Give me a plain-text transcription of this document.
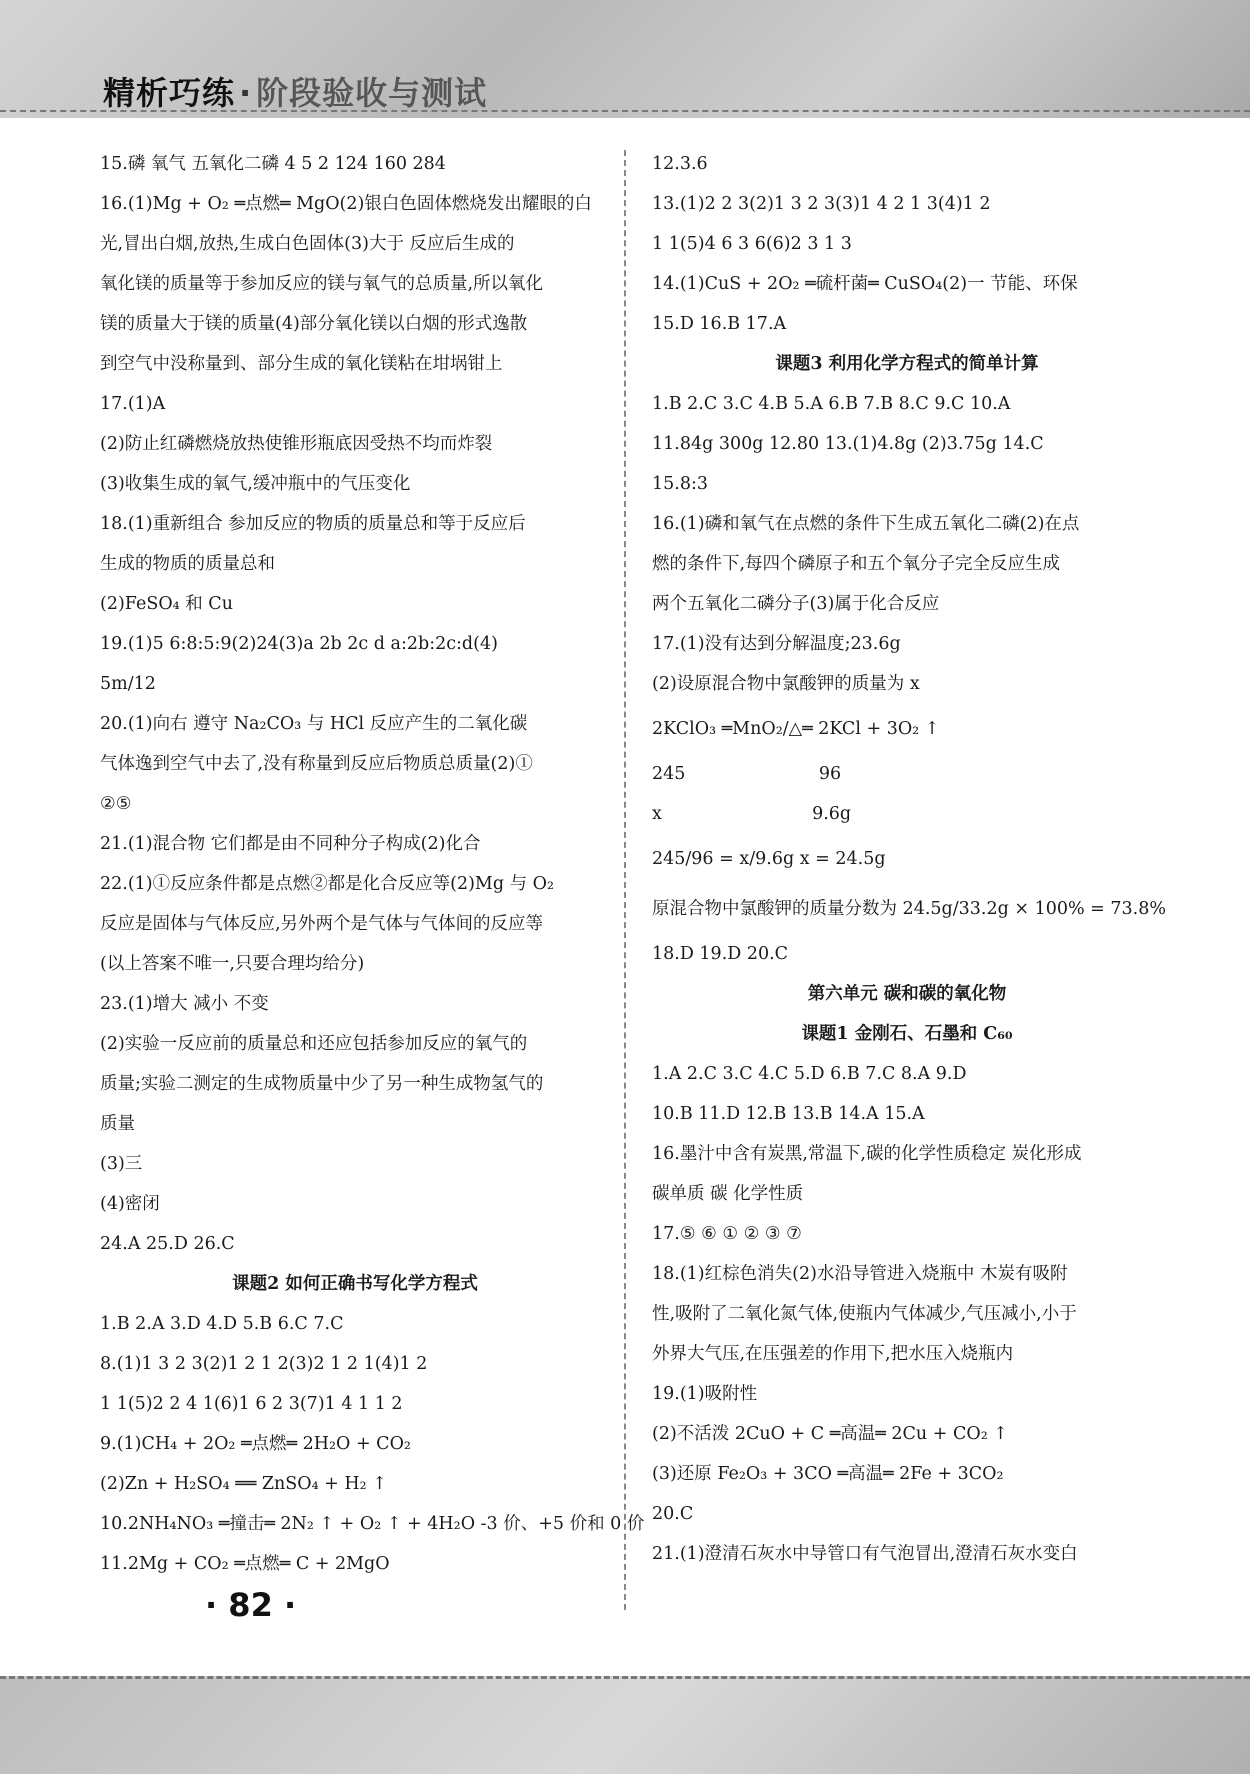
精析巧练 · 阶段验收与测试
15.磷 氧气 五氧化二磷 4 5 2 124 160 284
16.(1)Mg + O₂ ═点燃═ MgO(2)银白色固体燃烧发出耀眼的白
光,冒出白烟,放热,生成白色固体(3)大于 反应后生成的
氧化镁的质量等于参加反应的镁与氧气的总质量,所以氧化
镁的质量大于镁的质量(4)部分氧化镁以白烟的形式逸散
到空气中没称量到、部分生成的氧化镁粘在坩埚钳上
17.(1)A
(2)防止红磷燃烧放热使锥形瓶底因受热不均而炸裂
(3)收集生成的氧气,缓冲瓶中的气压变化
18.(1)重新组合 参加反应的物质的质量总和等于反应后
生成的物质的质量总和
(2)FeSO₄ 和 Cu
19.(1)5 6:8:5:9(2)24(3)a 2b 2c d a:2b:2c:d(4)
5m/12
20.(1)向右 遵守 Na₂CO₃ 与 HCl 反应产生的二氧化碳
气体逸到空气中去了,没有称量到反应后物质总质量(2)①
②⑤
21.(1)混合物 它们都是由不同种分子构成(2)化合
22.(1)①反应条件都是点燃②都是化合反应等(2)Mg 与 O₂
反应是固体与气体反应,另外两个是气体与气体间的反应等
(以上答案不唯一,只要合理均给分)
23.(1)增大 减小 不变
(2)实验一反应前的质量总和还应包括参加反应的氧气的
质量;实验二测定的生成物质量中少了另一种生成物氢气的
质量
(3)三
(4)密闭
24.A 25.D 26.C
课题2 如何正确书写化学方程式
1.B 2.A 3.D 4.D 5.B 6.C 7.C
8.(1)1 3 2 3(2)1 2 1 2(3)2 1 2 1(4)1 2
1 1(5)2 2 4 1(6)1 6 2 3(7)1 4 1 1 2
9.(1)CH₄ + 2O₂ ═点燃═ 2H₂O + CO₂
(2)Zn + H₂SO₄ ══ ZnSO₄ + H₂ ↑
10.2NH₄NO₃ ═撞击═ 2N₂ ↑ + O₂ ↑ + 4H₂O -3 价、+5 价和 0 价
11.2Mg + CO₂ ═点燃═ C + 2MgO
12.3.6
13.(1)2 2 3(2)1 3 2 3(3)1 4 2 1 3(4)1 2
1 1(5)4 6 3 6(6)2 3 1 3
14.(1)CuS + 2O₂ ═硫杆菌═ CuSO₄(2)一 节能、环保
15.D 16.B 17.A
课题3 利用化学方程式的简单计算
1.B 2.C 3.C 4.B 5.A 6.B 7.B 8.C 9.C 10.A
11.84g 300g 12.80 13.(1)4.8g (2)3.75g 14.C
15.8:3
16.(1)磷和氧气在点燃的条件下生成五氧化二磷(2)在点
燃的条件下,每四个磷原子和五个氧分子完全反应生成
两个五氧化二磷分子(3)属于化合反应
17.(1)没有达到分解温度;23.6g
(2)设原混合物中氯酸钾的质量为 x
2KClO₃ ═MnO₂/△═ 2KCl + 3O₂ ↑
245                        96
x                           9.6g
245/96 = x/9.6g x = 24.5g
原混合物中氯酸钾的质量分数为 24.5g/33.2g × 100% = 73.8%
18.D 19.D 20.C
第六单元 碳和碳的氧化物
课题1 金刚石、石墨和 C₆₀
1.A 2.C 3.C 4.C 5.D 6.B 7.C 8.A 9.D
10.B 11.D 12.B 13.B 14.A 15.A
16.墨汁中含有炭黑,常温下,碳的化学性质稳定 炭化形成
碳单质 碳 化学性质
17.⑤ ⑥ ① ② ③ ⑦
18.(1)红棕色消失(2)水沿导管进入烧瓶中 木炭有吸附
性,吸附了二氧化氮气体,使瓶内气体减少,气压减小,小于
外界大气压,在压强差的作用下,把水压入烧瓶内
19.(1)吸附性
(2)不活泼 2CuO + C ═高温═ 2Cu + CO₂ ↑
(3)还原 Fe₂O₃ + 3CO ═高温═ 2Fe + 3CO₂
20.C
21.(1)澄清石灰水中导管口有气泡冒出,澄清石灰水变白
· 82 ·
